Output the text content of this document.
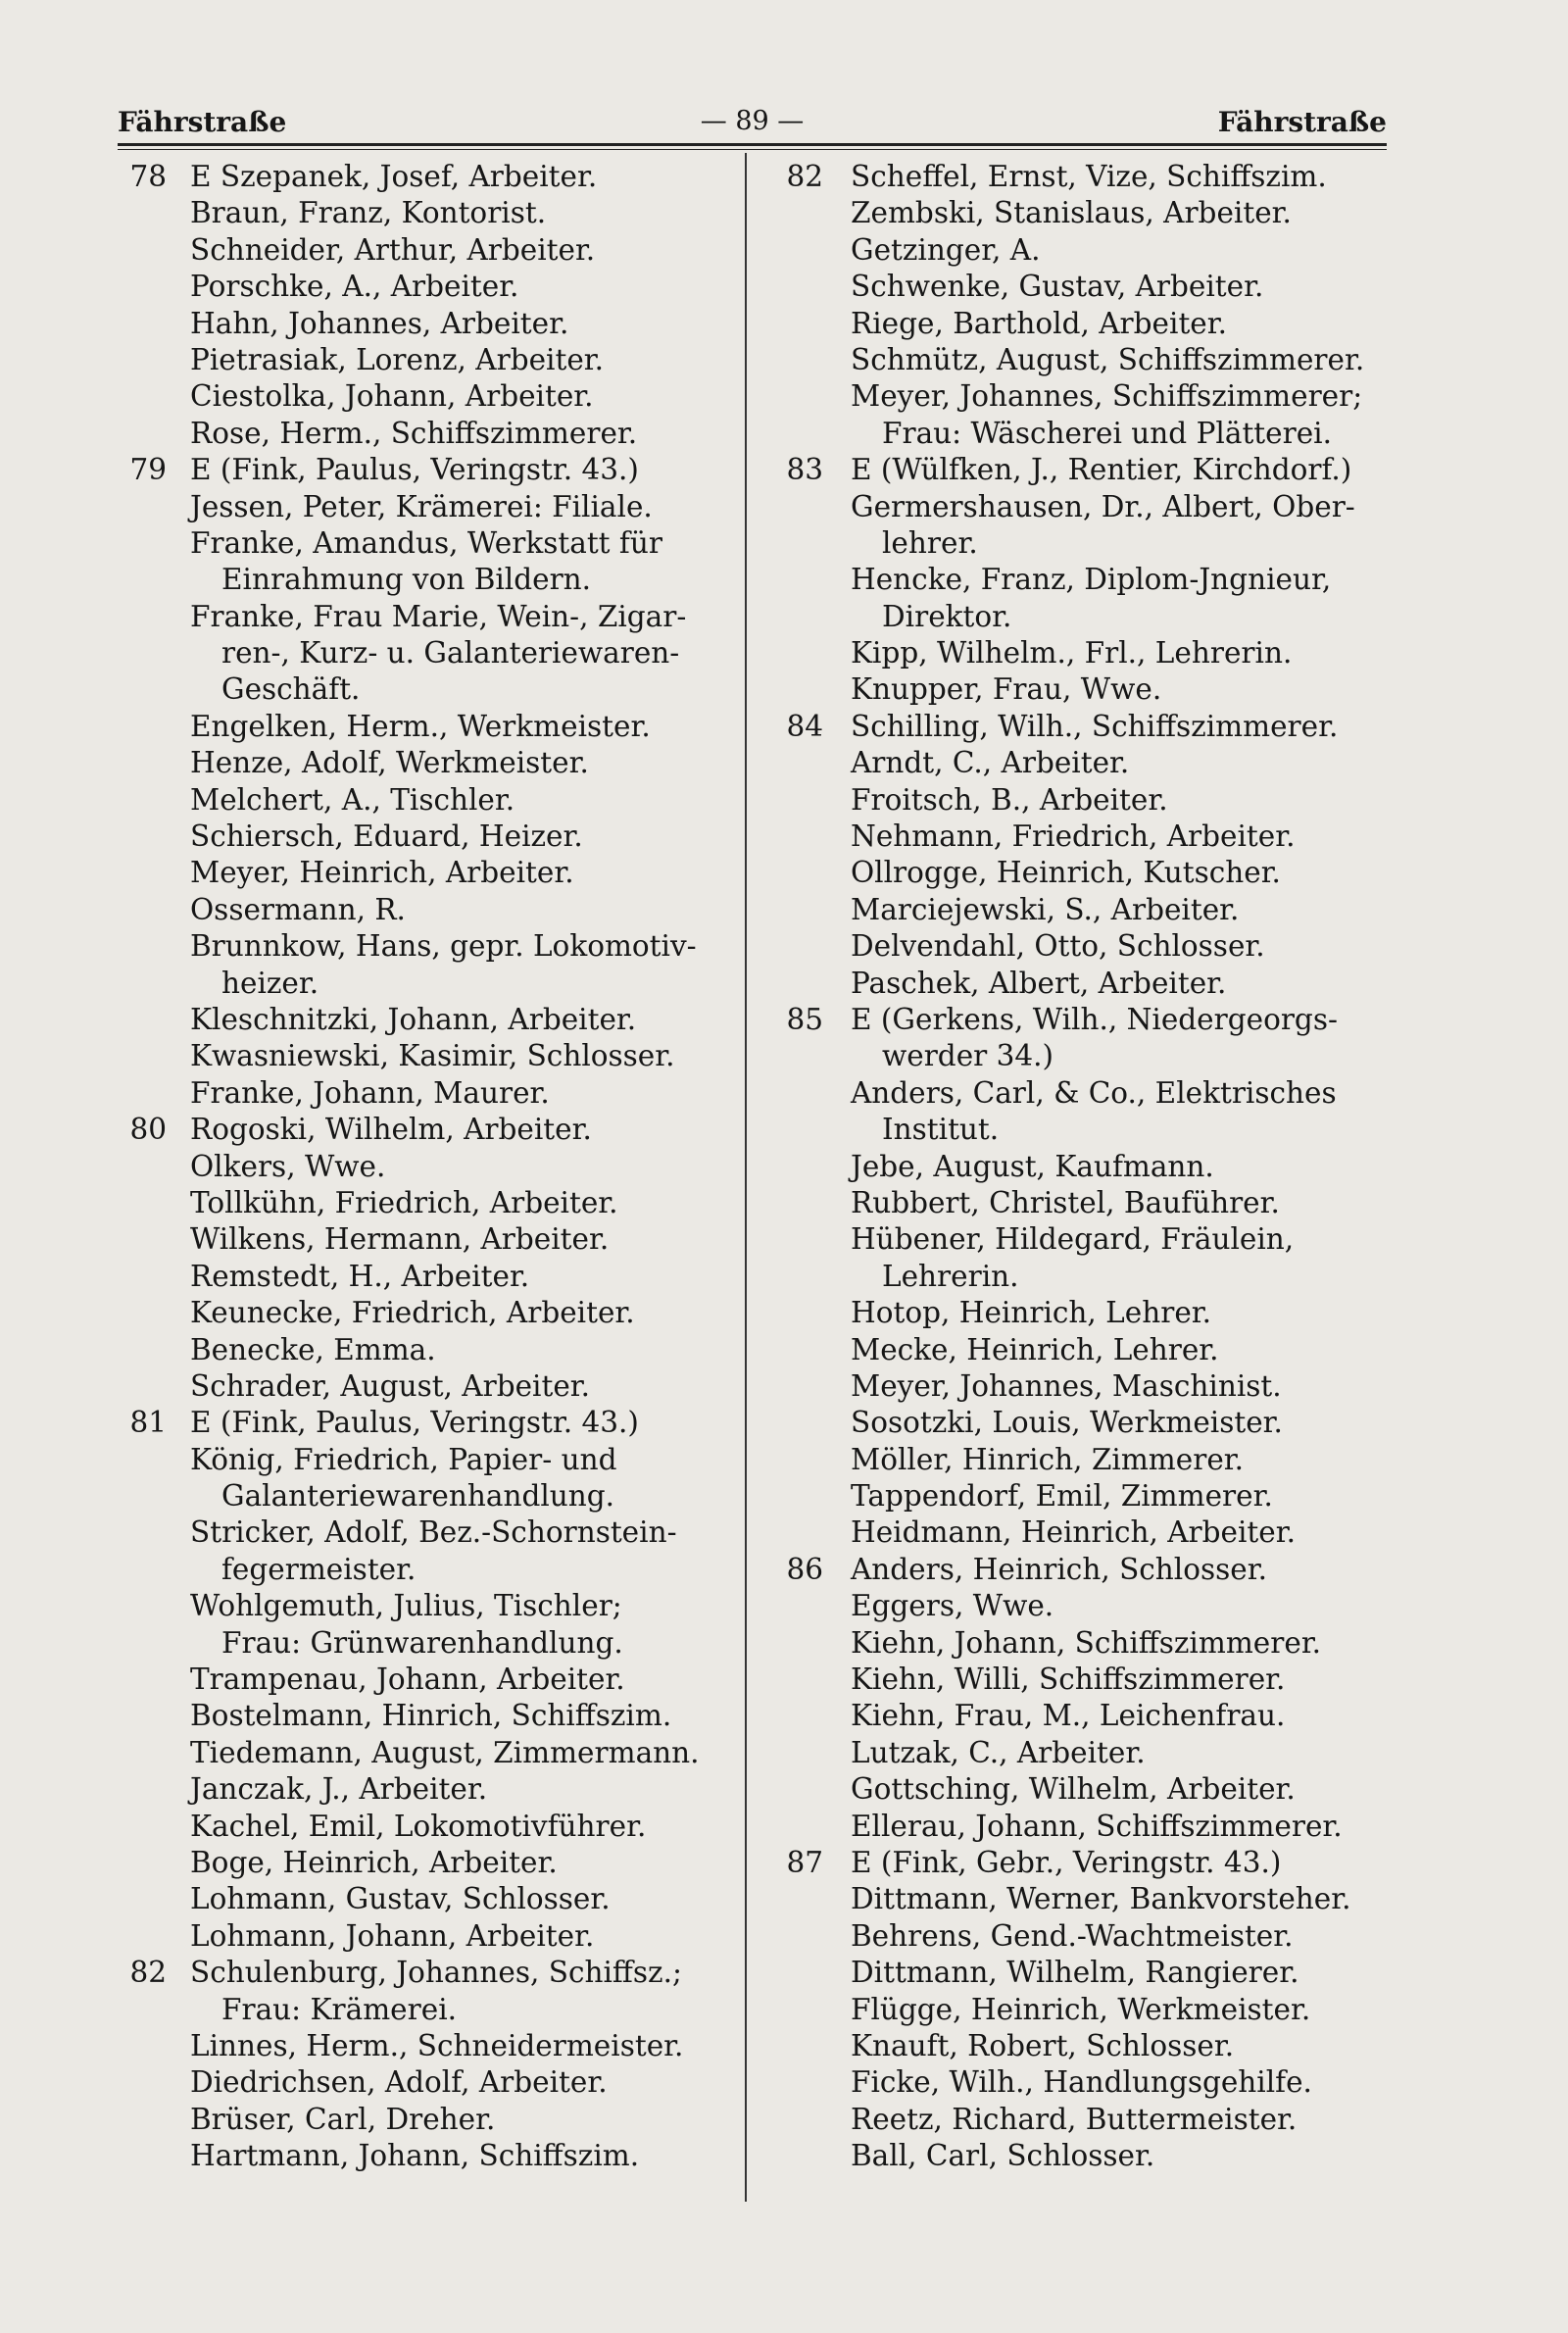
Fährstraße	— 89 —	Fährstraße
78 E Szepanek, Josef, Arbeiter.
Braun, Franz, Kontorist.
Schneider, Arthur, Arbeiter.
Porschke, A., Arbeiter.
Hahn, Johannes, Arbeiter.
Pietrasiak, Lorenz, Arbeiter.
Ciestolka, Johann, Arbeiter.
Rose, Herm., Schiffszimmerer.
79 E (Fink, Paulus, Veringstr. 43.)
Jessen, Peter, Krämerei: Filiale.
Franke, Amandus, Werkstatt für
Einrahmung von Bildern.
Franke, Frau Marie, Wein-, Zigar-
ren-, Kurz- u. Galanteriewaren-
Geschäft.
Engelken, Herm., Werkmeister.
Henze, Adolf, Werkmeister.
Melchert, A., Tischler.
Schiersch, Eduard, Heizer.
Meyer, Heinrich, Arbeiter.
Ossermann, R.
Brunnkow, Hans, gepr. Lokomotiv-
heizer.
Kleschnitzki, Johann, Arbeiter.
Kwasniewski, Kasimir, Schlosser.
Franke, Johann, Maurer.
80 Rogoski, Wilhelm, Arbeiter.
Olkers, Wwe.
Tollkühn, Friedrich, Arbeiter.
Wilkens, Hermann, Arbeiter.
Remstedt, H., Arbeiter.
Keunecke, Friedrich, Arbeiter.
Benecke, Emma.
Schrader, August, Arbeiter.
81 E (Fink, Paulus, Veringstr. 43.)
König, Friedrich, Papier- und
Galanteriewarenhandlung.
Stricker, Adolf, Bez.-Schornstein-
fegermeister.
Wohlgemuth, Julius, Tischler;
Frau: Grünwarenhandlung.
Trampenau, Johann, Arbeiter.
Bostelmann, Hinrich, Schiffszim.
Tiedemann, August, Zimmermann.
Janczak, J., Arbeiter.
Kachel, Emil, Lokomotivführer.
Boge, Heinrich, Arbeiter.
Lohmann, Gustav, Schlosser.
Lohmann, Johann, Arbeiter.
82 Schulenburg, Johannes, Schiffsz.;
Frau: Krämerei.
Linnes, Herm., Schneidermeister.
Diedrichsen, Adolf, Arbeiter.
Brüser, Carl, Dreher.
Hartmann, Johann, Schiffszim.
82 Scheffel, Ernst, Vize, Schiffszim.
Zembski, Stanislaus, Arbeiter.
Getzinger, A.
Schwenke, Gustav, Arbeiter.
Riege, Barthold, Arbeiter.
Schmütz, August, Schiffszimmerer.
Meyer, Johannes, Schiffszimmerer;
Frau: Wäscherei und Plätterei.
83 E (Wülfken, J., Rentier, Kirchdorf.)
Germershausen, Dr., Albert, Ober-
lehrer.
Hencke, Franz, Diplom-Jngnieur,
Direktor.
Kipp, Wilhelm., Frl., Lehrerin.
Knupper, Frau, Wwe.
84 Schilling, Wilh., Schiffszimmerer.
Arndt, C., Arbeiter.
Froitsch, B., Arbeiter.
Nehmann, Friedrich, Arbeiter.
Ollrogge, Heinrich, Kutscher.
Marciejewski, S., Arbeiter.
Delvendahl, Otto, Schlosser.
Paschek, Albert, Arbeiter.
85 E (Gerkens, Wilh., Niedergeorgs-
werder 34.)
Anders, Carl, & Co., Elektrisches
Institut.
Jebe, August, Kaufmann.
Rubbert, Christel, Bauführer.
Hübener, Hildegard, Fräulein,
Lehrerin.
Hotop, Heinrich, Lehrer.
Mecke, Heinrich, Lehrer.
Meyer, Johannes, Maschinist.
Sosotzki, Louis, Werkmeister.
Möller, Hinrich, Zimmerer.
Tappendorf, Emil, Zimmerer.
Heidmann, Heinrich, Arbeiter.
86 Anders, Heinrich, Schlosser.
Eggers, Wwe.
Kiehn, Johann, Schiffszimmerer.
Kiehn, Willi, Schiffszimmerer.
Kiehn, Frau, M., Leichenfrau.
Lutzak, C., Arbeiter.
Gottsching, Wilhelm, Arbeiter.
Ellerau, Johann, Schiffszimmerer.
87 E (Fink, Gebr., Veringstr. 43.)
Dittmann, Werner, Bankvorsteher.
Behrens, Gend.-Wachtmeister.
Dittmann, Wilhelm, Rangierer.
Flügge, Heinrich, Werkmeister.
Knauft, Robert, Schlosser.
Ficke, Wilh., Handlungsgehilfe.
Reetz, Richard, Buttermeister.
Ball, Carl, Schlosser.
